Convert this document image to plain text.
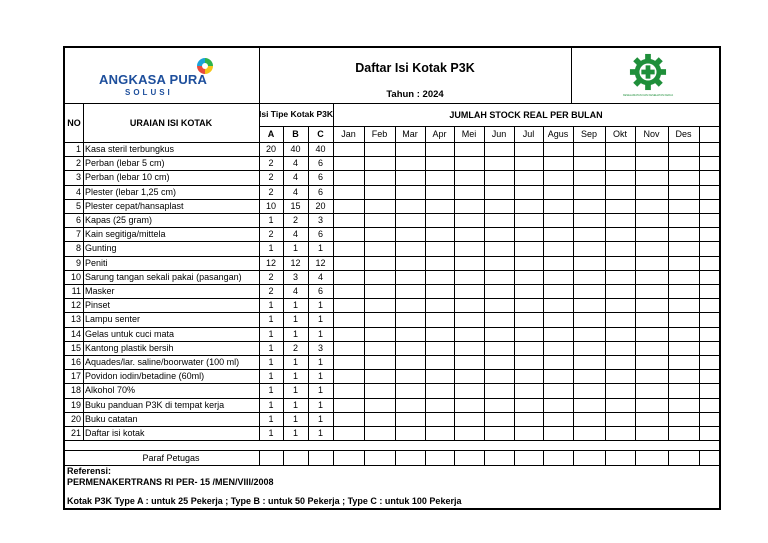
ANGKASA PURA
SOLUSI
Daftar Isi Kotak P3K
Tahun : 2024	KESELAMATAN DAN KESEHATAN KERJA
NO	URAIAN ISI KOTAK
Isi Tipe Kotak P3K	JUMLAH STOCK REAL PER BULAN
A	B	C	Jan	Feb	Mar	Apr	Mei	Jun	Jul	Agus	Sep	Okt	Nov	Des
1 Kasa steril terbungkus	20	40	40
2 Perban (lebar 5 cm)	2	4	6
3 Perban (lebar 10 cm)	2	4	6
4 Plester (lebar 1,25 cm)	2	4	6
5 Plester cepat/hansaplast	10	15	20
6 Kapas (25 gram)	1	2	3
7 Kain segitiga/mittela	2	4	6
8 Gunting	1	1	1
9 Peniti	12	12	12
10 Sarung tangan sekali pakai (pasangan)	2	3	4
11 Masker	2	4	6
12 Pinset	1	1	1
13 Lampu senter	1	1	1
14 Gelas untuk cuci mata	1	1	1
15 Kantong plastik bersih	1	2	3
16 Aquades/lar. saline/boorwater (100 ml)	1	1	1
17 Povidon iodin/betadine (60ml)	1	1	1
18 Alkohol 70%	1	1	1
19 Buku panduan P3K di tempat kerja	1	1	1
20 Buku catatan	1	1	1
21 Daftar isi kotak	1	1	1
Paraf Petugas
Referensi:
PERMENAKERTRANS RI PER- 15 /MEN/VIII/2008
Kotak P3K Type A : untuk 25 Pekerja ; Type B : untuk 50 Pekerja ; Type C : untuk 100 Pekerja
